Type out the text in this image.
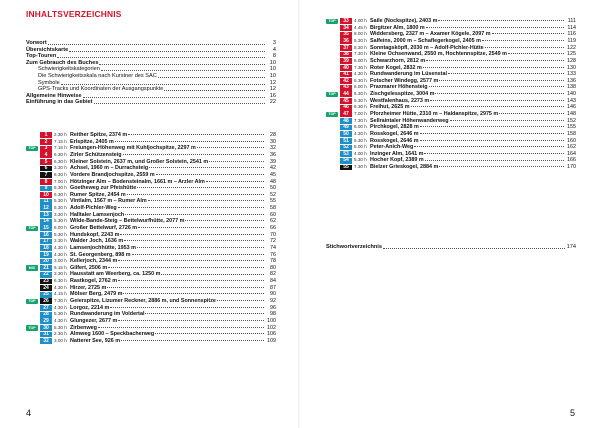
INHALTSVERZEICHNIS
Vorwort	3
Übersichtskarte	4
Top-Touren	8
Zum Gebrauch des Buches	10
Schwierigkeitskategorien	10
Die Schwierigkeitsskala nach Kurstner des SAC	10
Symbole	12
GPS-Tracks und Koordinaten der Ausgangspunkte	12
Allgemeine Hinweise	16
Einführung in das Gebiet	22
1	2.30 h Reither Spitze, 2374 m	28
2	7.15 h Erlspitze, 2405 m	30
TOP	3	7.15 h Freiungen-Höhenweg mit Kuhljochspitze, 2297 m	32
4	6.30 h Zirler Schützensteig	36
5	6.30 h Kleiner Solstein, 2637 m, und Großer Solstein, 2541 m	39
6	3.30 h Achsel, 1960 m – Durrachsteig	42
7	6.30 h Vordere Brandjochspitze, 2559 m	45
8	7.00 h Hötzinger Alm – Bodensteinalm, 1661 m – Arzler Alm	48
9	5.30 h Goetheweg zur Pfeishütte	50
10	6.30 h Rumer Spitze, 2454 m	52
11	5.30 h Vintlalm, 1567 m – Rumer Alm	55
12	5.30 h Adolf-Pichler-Weg	58
13	3.30 h Halltaler Lamsenjoch	60
14	5.30 h Wilde-Bande-Steig – Bettelwurfhütte, 2077 m	62
TOP	15	6.00 h Großer Bettelwurf, 2726 m	66
16	5.30 h Hundskopf, 2243 m	70
17	3.30 h Walder Joch, 1636 m	72
18	4.30 h Lamsenjochhütte, 1953 m	74
19	4.30 h St. Georgenberg, 898 m	76
20	3.00 h Kellerjoch, 2344 m	78
MIX	21	6.15 h Gilfert, 2506 m	80
22	3.30 h Hausstatt am Weerberg, ca. 1250 m	82
23	6.30 h Rastkogel, 2762 m	84
24	4.30 h Hirzer, 2725 m	87
25	4.15 h Mölser Berg, 2479 m	90
TOP	26	7.30 h Geierspitze, Lizumer Reckner, 2886 m, und Sonnenspitze	92
27	4.30 h Lorgoz, 2214 m	96
28	5.30 h Rundwanderung im Voldertal	98
29	4.30 h Glungezer, 2677 m	100
TOP	30	5.30 h Zirbenweg	102
31	2.30 h Almweg 1600 – Speckbacherweg	106
32	3.00 h Natterer See, 926 m	109
4
TOP	33	4.00 h Saile (Nockspitze), 2403 m	111
34	4.45 h Birgitzer Alm, 1800 m	114
35	8.00 h Widdersberg, 2327 m – Axamer Kögele, 2097 m	116
36	5.30 h Salfeins, 2000 m – Schaflegerkogel, 2405 m	119
37	8.30 h Sonntagsköpfl, 2030 m – Adolf-Pichler-Hütte	122
38	7.30 h Kleine Ochsenwand, 2550 m, Hochtennspitze, 2549 m	125
39	6.00 h Schwarzhorn, 2812 m	128
40	7.30 h Roter Kogel, 2832 m	130
41	4.30 h Rundwanderung im Lüsenstal	133
42	6.30 h Fotscher Windegg, 2577 m	136
43	6.00 h Praxmarer Höhensteig	138
TOP	44	6.30 h Zischgelesspitze, 3004 m	140
45	5.30 h Westfalenhaus, 2273 m	143
46	6.30 h Freihut, 2625 m	146
TOP	47	7.00 h Pforzheimer Hütte, 2310 m – Haldanspitze, 2975 m	148
48	7.30 h Sellraintaler Höhenwanderweg	152
49	6.00 h Pirchkogel, 2828 m	155
50	4.30 h Rosskogel, 2646 m	158
51	6.30 h Rosskogel, 2646 m	160
52	5.00 h Peter-Anich-Weg	162
53	4.00 h Inzinger Alm, 1641 m	164
54	5.30 h Hocher Kopf, 2389 m	166
55	7.30 h Bielzer Grieskogel, 2884 m	170
Stichwortverzeichnis	174
5
